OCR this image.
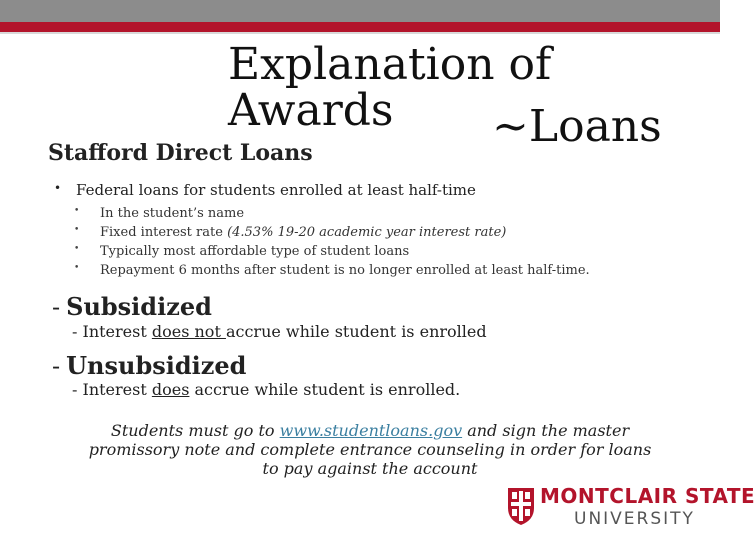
Explanation of Awards	~Loans
Stafford Direct Loans
• Federal loans for students enrolled at least half-time
• In the student’s name
• Fixed interest rate (4.53% 19-20 academic year interest rate)
• Typically most affordable type of student loans
• Repayment 6 months after student is no longer enrolled at least half-time.
- Subsidized
- Interest does not accrue while student is enrolled
- Unsubsidized
- Interest does accrue while student is enrolled.
Students must go to www.studentloans.gov and sign the master promissory note and complete entrance counseling in order for loans to pay against the account
MONTCLAIR STATE
UNIVERSITY
